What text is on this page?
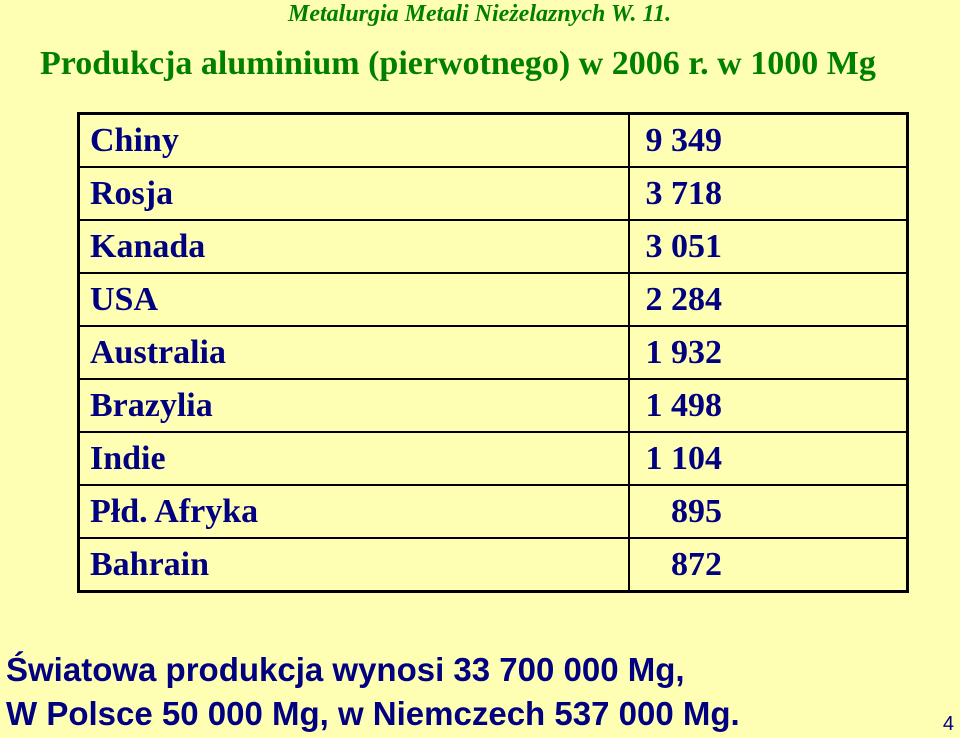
Metalurgia Metali Nieżelaznych W. 11.
Produkcja aluminium (pierwotnego) w 2006 r. w 1000 Mg
Chiny	9 349
Rosja	3 718
Kanada	3 051
USA	2 284
Australia	1 932
Brazylia	1 498
Indie	1 104
Płd. Afryka	895
Bahrain	872
Światowa produkcja wynosi 33 700 000 Mg,
W Polsce 50 000 Mg, w Niemczech 537 000 Mg.	4
